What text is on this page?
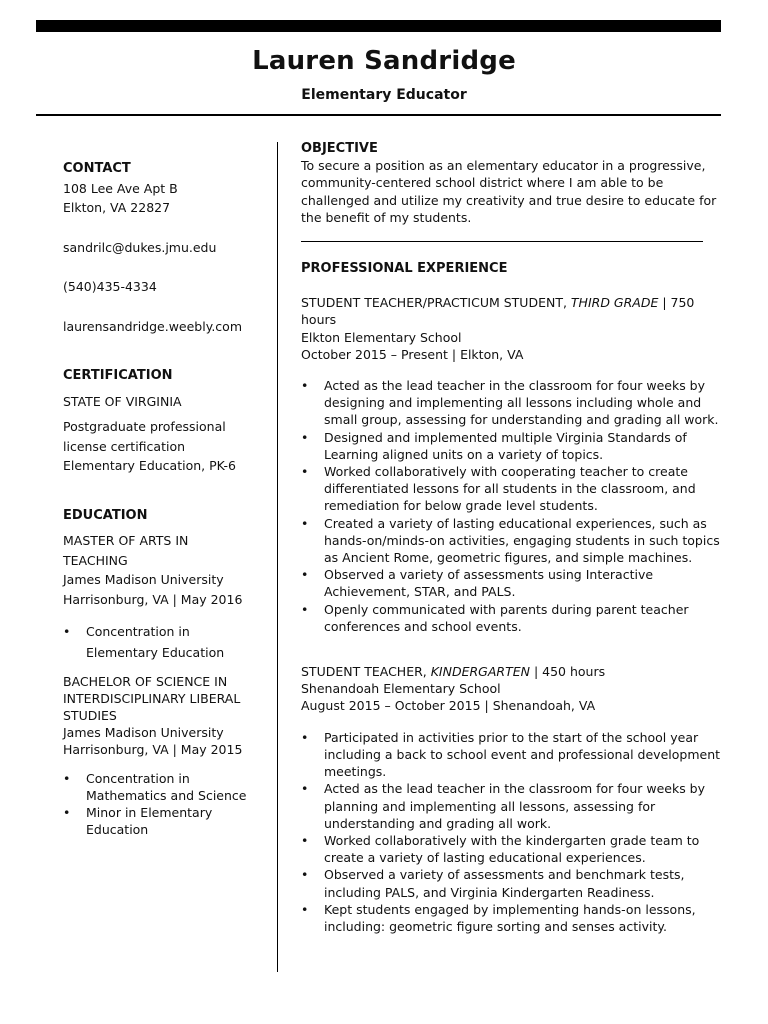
Lauren Sandridge
Elementary Educator

CONTACT

108 Lee Ave Apt B

Elkton, VA 22827

sandrilc@dukes.jmu.edu

(540)435-4334

laurensandridge.weebly.com

CERTIFICATION

STATE OF VIRGINIA

Postgraduate professional

license certification

Elementary Education, PK-6

EDUCATION

MASTER OF ARTS IN

TEACHING

James Madison University

Harrisonburg, VA | May 2016

• Concentration in Elementary Education

BACHELOR OF SCIENCE IN

INTERDISCIPLINARY LIBERAL

STUDIES

James Madison University

Harrisonburg, VA | May 2015

• Concentration in Mathematics and Science
• Minor in Elementary Education

OBJECTIVE

To secure a position as an elementary educator in a progressive, community-centered school district where I am able to be challenged and utilize my creativity and true desire to educate for the benefit of my students.

PROFESSIONAL EXPERIENCE

STUDENT TEACHER/PRACTICUM STUDENT, THIRD GRADE | 750 hours

Elkton Elementary School

October 2015 – Present | Elkton, VA

• Acted as the lead teacher in the classroom for four weeks by designing and implementing all lessons including whole and small group, assessing for understanding and grading all work.
• Designed and implemented multiple Virginia Standards of Learning aligned units on a variety of topics.
• Worked collaboratively with cooperating teacher to create differentiated lessons for all students in the classroom, and remediation for below grade level students.
• Created a variety of lasting educational experiences, such as hands-on/minds-on activities, engaging students in such topics as Ancient Rome, geometric figures, and simple machines.
• Observed a variety of assessments using Interactive Achievement, STAR, and PALS.
• Openly communicated with parents during parent teacher conferences and school events.

STUDENT TEACHER, KINDERGARTEN | 450 hours

Shenandoah Elementary School

August 2015 – October 2015 | Shenandoah, VA

• Participated in activities prior to the start of the school year including a back to school event and professional development meetings.
• Acted as the lead teacher in the classroom for four weeks by planning and implementing all lessons, assessing for understanding and grading all work.
• Worked collaboratively with the kindergarten grade team to create a variety of lasting educational experiences.
• Observed a variety of assessments and benchmark tests, including PALS, and Virginia Kindergarten Readiness.
• Kept students engaged by implementing hands-on lessons, including: geometric figure sorting and senses activity.
